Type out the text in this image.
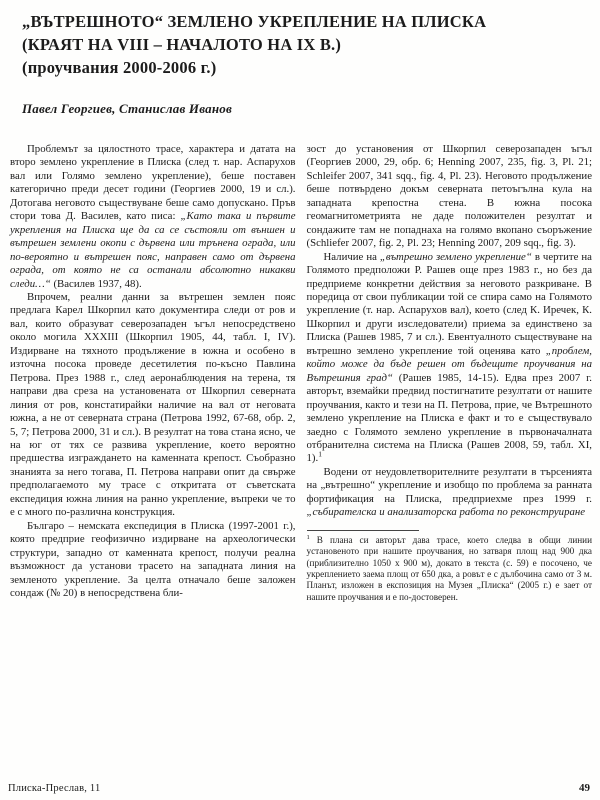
„ВЪТРЕШНОТО“ ЗЕМЛЕНО УКРЕПЛЕНИЕ НА ПЛИСКА
(КРАЯТ НА VIII – НАЧАЛОТО НА IX В.)
(проучвания 2000-2006 г.)
Павел Георгиев, Станислав Иванов

Проблемът за цялостното трасе, характера и датата на второ землено укрепление в Плиска (след т. нар. Аспарухов вал или Голямо землено укрепление), беше поставен категорично преди десет години (Георгиев 2000, 19 и сл.). Дотогава неговото съществуване беше само допускано. Пръв стори това Д. Василев, като писа: „Като така и първите укрепления на Плиска ще да са се състояли от външен и вътрешен землени окопи с дървена или трънена ограда, или по-вероятно и вътрешен пояс, направен само от дървена ограда, от която не са останали абсолютно никакви следи…“ (Василев 1937, 48).

Впрочем, реални данни за вътрешен землен пояс предлага Карел Шкорпил като документира следи от ров и вал, които образуват северозападен ъгъл непосредствено около могила XXXIII (Шкорпил 1905, 44, табл. I, IV). Издирване на тяхното продължение в южна и особено в източна посока проведе десетилетия по-късно Павлина Петрова. През 1988 г., след аеронаблюдения на терена, тя направи два среза на установената от Шкорпил северната линия от ров, констатирайки наличие на вал от неговата южна, а не от северната страна (Петрова 1992, 67-68, обр. 2, 5, 7; Петрова 2000, 31 и сл.). В резултат на това стана ясно, че на юг от тях се развива укрепление, което вероятно предшества изграждането на каменната крепост. Съобразно знанията за него тогава, П. Петрова направи опит да свърже предполагаемото му трасе с откритата от съветската експедиция южна линия на ранно укрепление, въпреки че то е с много по-различна конструкция.

Българо – немската експедиция в Плиска (1997-2001 г.), която предприе геофизично издирване на археологически структури, западно от каменната крепост, получи реална възможност да установи трасето на западната линия на земленото укрепление. За целта отначало беше заложен сондаж (№ 20) в непосредствена бли-

зост до установения от Шкорпил северозападен ъгъл (Георгиев 2000, 29, обр. 6; Henning 2007, 235, fig. 3, Pl. 21; Schleifer 2007, 341 sqq., fig. 4, Pl. 23). Неговото продължение беше потвърдено докъм северната петоъгълна кула на западната крепостна стена. В южна посока геомагнитометрията не даде положителен резултат и сондажите там не попаднаха на голямо вкопано съоръжение (Schliefer 2007, fig. 2, Pl. 23; Henning 2007, 209 sqq., fig. 3).

Наличие на „вътрешно землено укрепление“ в чертите на Голямото предположи Р. Рашев още през 1983 г., но без да предприеме конкретни действия за неговото разкриване. В поредица от свои публикации той се спира само на Голямото укрепление (т. нар. Аспарухов вал), което (след К. Иречек, К. Шкорпил и други изследователи) приема за единствено за Плиска (Рашев 1985, 7 и сл.). Евентуалното съществуване на вътрешно землено укрепление той оценява като „проблем, който може да бъде решен от бъдещите проучвания на Вътрешния град“ (Рашев 1985, 14-15). Едва през 2007 г. авторът, вземайки предвид постигнатите резултати от нашите проучвания, както и тези на П. Петрова, прие, че Вътрешното землено укрепление на Плиска е факт и то е съществувало заедно с Голямото землено укрепление в първоначалната отбранителна система на Плиска (Рашев 2008, 59, табл. XI, 1).$^1$

Водени от неудовлетворителните резултати в търсенията на „вътрешно“ укрепление и изобщо по проблема за ранната фортификация на Плиска, предприехме през 1999 г. „събирателска и анализаторска работа по реконструиране

$^1$ В плана си авторът дава трасе, което следва в общи линии установеното при нашите проучвания, но затваря площ над 900 дка (приблизително 1050 х 900 м), докато в текста (с. 59) е посочено, че укреплението заема площ от 650 дка, а ровът е с дълбочина само от 3 м. Планът, изложен в експозиция на Музея „Плиска“ (2005 г.) е зает от нашите проучвания и е по-достоверен.

Плиска-Преслав, 11	49
